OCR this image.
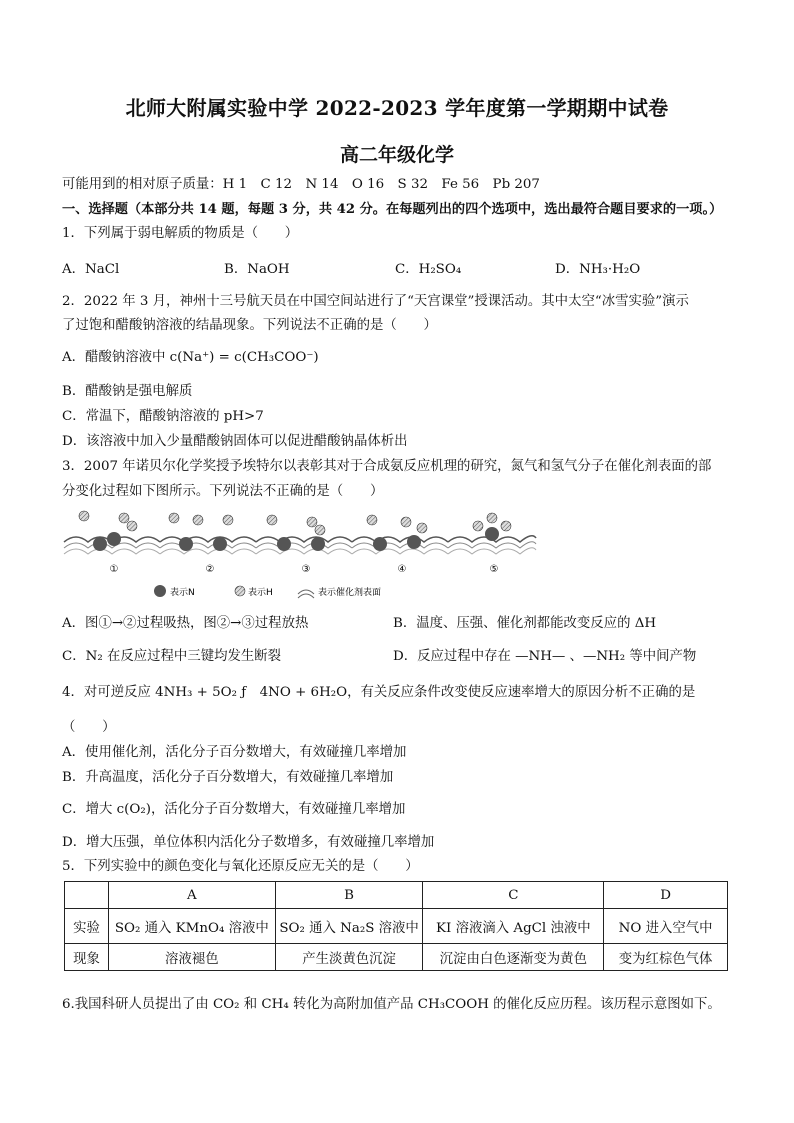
北师大附属实验中学 2022-2023 学年度第一学期期中试卷
高二年级化学
可能用到的相对原子质量：H 1　C 12　N 14　O 16　S 32　Fe 56　Pb 207
一、选择题（本部分共 14 题，每题 3 分，共 42 分。在每题列出的四个选项中，选出最符合题目要求的一项。）
1．下列属于弱电解质的物质是（　　）
A．NaCl	B．NaOH	C．H₂SO₄	D．NH₃·H₂O
2．2022 年 3 月，神州十三号航天员在中国空间站进行了“天宫课堂”授课活动。其中太空“冰雪实验”演示
了过饱和醋酸钠溶液的结晶现象。下列说法不正确的是（　　）
A．醋酸钠溶液中 c(Na⁺) = c(CH₃COO⁻)
B．醋酸钠是强电解质
C．常温下，醋酸钠溶液的 pH>7
D．该溶液中加入少量醋酸钠固体可以促进醋酸钠晶体析出
3．2007 年诺贝尔化学奖授予埃特尔以表彰其对于合成氨反应机理的研究，氮气和氢气分子在催化剂表面的部
分变化过程如下图所示。下列说法不正确的是（　　）
①	②	③	④	⑤
表示N	表示H	表示催化剂表面
A．图①→②过程吸热，图②→③过程放热	B．温度、压强、催化剂都能改变反应的 ΔH
C．N₂ 在反应过程中三键均发生断裂	D．反应过程中存在 —NH— 、—NH₂ 等中间产物
4．对可逆反应 4NH₃ + 5O₂ ƒ　4NO + 6H₂O，有关反应条件改变使反应速率增大的原因分析不正确的是
（　　）
A．使用催化剂，活化分子百分数增大，有效碰撞几率增加
B．升高温度，活化分子百分数增大，有效碰撞几率增加
C．增大 c(O₂)，活化分子百分数增大，有效碰撞几率增加
D．增大压强，单位体积内活化分子数增多，有效碰撞几率增加
5．下列实验中的颜色变化与氧化还原反应无关的是（　　）
	A	B	C	D
实验	SO₂ 通入 KMnO₄ 溶液中	SO₂ 通入 Na₂S 溶液中	KI 溶液滴入 AgCl 浊液中	NO 进入空气中
现象	溶液褪色	产生淡黄色沉淀	沉淀由白色逐渐变为黄色	变为红棕色气体
6.我国科研人员提出了由 CO₂ 和 CH₄ 转化为高附加值产品 CH₃COOH 的催化反应历程。该历程示意图如下。
